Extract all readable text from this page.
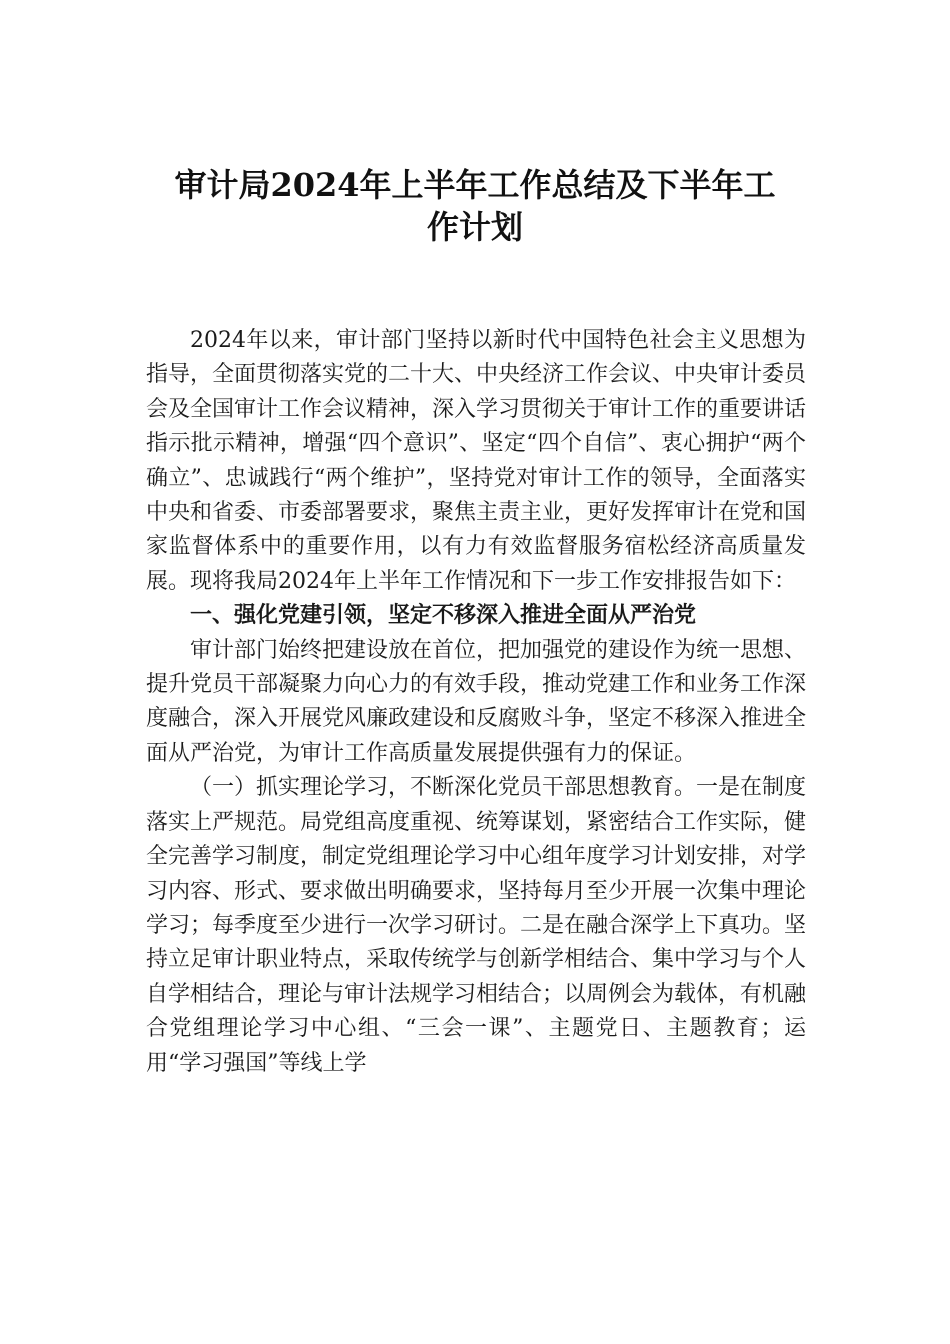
审计局2024年上半年工作总结及下半年工
作计划

2024年以来，审计部门坚持以新时代中国特色社会主义思想为指导，全面贯彻落实党的二十大、中央经济工作会议、中央审计委员会及全国审计工作会议精神，深入学习贯彻关于审计工作的重要讲话指示批示精神，增强“四个意识”、坚定“四个自信”、衷心拥护“两个确立”、忠诚践行“两个维护”，坚持党对审计工作的领导，全面落实中央和省委、市委部署要求，聚焦主责主业，更好发挥审计在党和国家监督体系中的重要作用，以有力有效监督服务宿松经济高质量发展。现将我局2024年上半年工作情况和下一步工作安排报告如下：

一、强化党建引领，坚定不移深入推进全面从严治党

审计部门始终把建设放在首位，把加强党的建设作为统一思想、提升党员干部凝聚力向心力的有效手段，推动党建工作和业务工作深度融合，深入开展党风廉政建设和反腐败斗争，坚定不移深入推进全面从严治党，为审计工作高质量发展提供强有力的保证。

（一）抓实理论学习，不断深化党员干部思想教育。一是在制度落实上严规范。局党组高度重视、统筹谋划，紧密结合工作实际，健全完善学习制度，制定党组理论学习中心组年度学习计划安排，对学习内容、形式、要求做出明确要求，坚持每月至少开展一次集中理论学习；每季度至少进行一次学习研讨。二是在融合深学上下真功。坚持立足审计职业特点，采取传统学与创新学相结合、集中学习与个人自学相结合，理论与审计法规学习相结合；以周例会为载体，有机融合党组理论学习中心组、“三会一课”、主题党日、主题教育；运用“学习强国”等线上学
